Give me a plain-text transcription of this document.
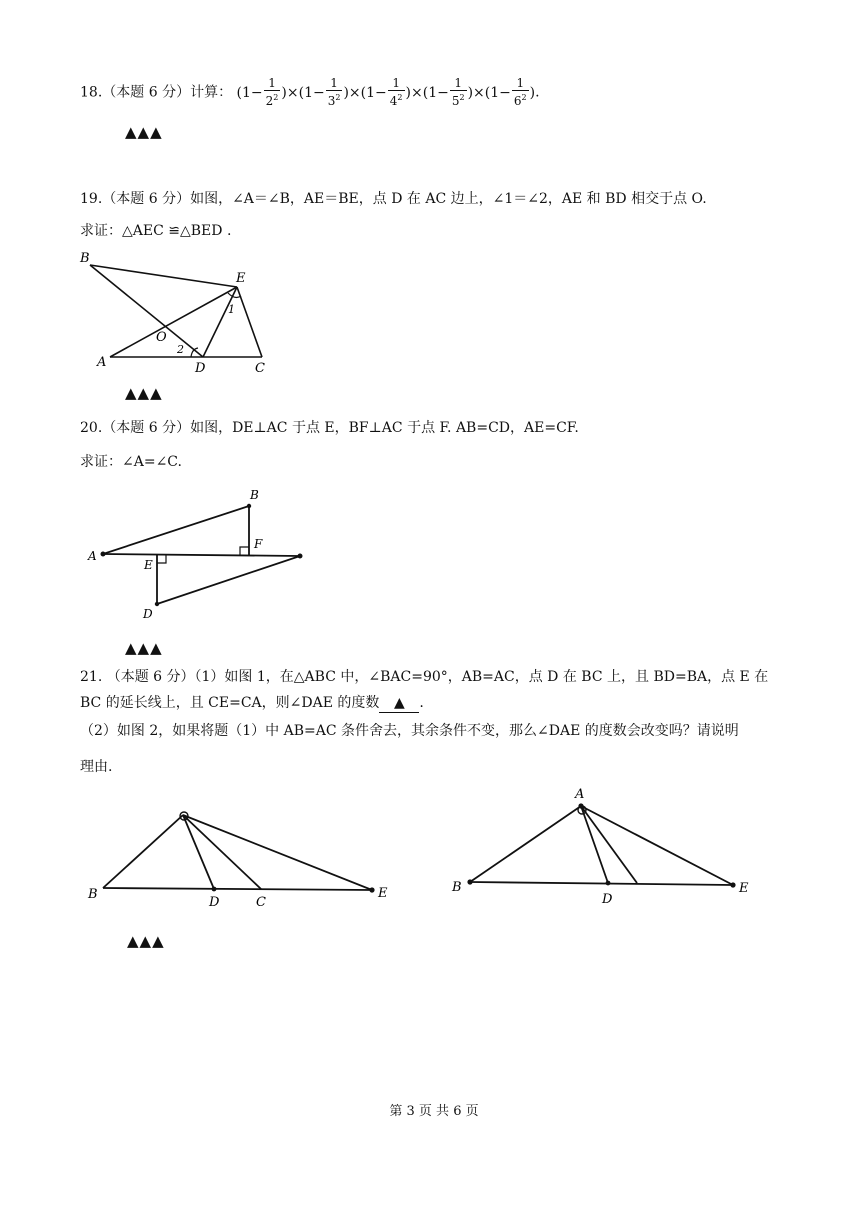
18.（本题 6 分）计算： $(1- \frac{1}{2^2} )\times(1- \frac{1}{3^2} )\times(1- \frac{1}{4^2} )\times(1- \frac{1}{5^2} )\times(1- \frac{1}{6^2}$ ).
▲▲▲
19.（本题 6 分）如图，∠A＝∠B，AE＝BE，点 D 在 AC 边上，∠1＝∠2，AE 和 BD 相交于点 O.
求证：△AEC ≌△BED .
B
E
O
A	D	C
1
2
▲▲▲
20.（本题 6 分）如图，DE⊥AC 于点 E，BF⊥AC 于点 F. AB=CD，AE=CF.
求证：∠A=∠C.
A
B
F
E
D
▲▲▲
21. （本题 6 分）（1）如图 1，在△ABC 中，∠BAC=90°，AB=AC，点 D 在 BC 上，且 BD=BA，点 E 在
BC 的延长线上，且 CE=CA，则∠DAE 的度数 ▲ .
（2）如图 2，如果将题（1）中 AB=AC 条件舍去，其余条件不变，那么∠DAE 的度数会改变吗？请说明
理由.
B
D	C
E
A
B
D
E
▲▲▲
第 3 页 共 6 页
